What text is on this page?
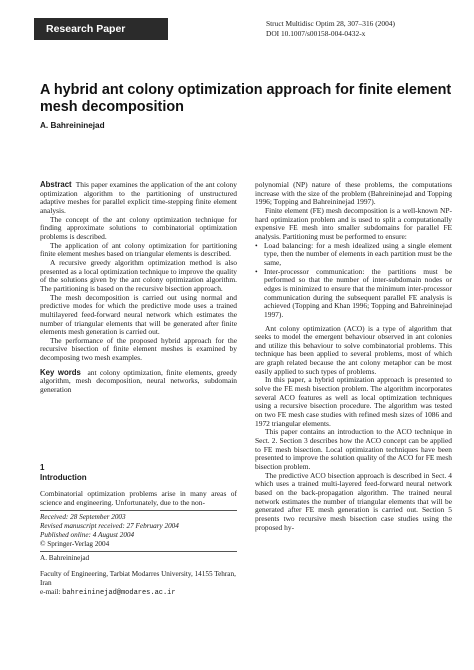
Research Paper	Struct Multidisc Optim 28, 307–316 (2004)
DOI 10.1007/s00158-004-0432-x
A hybrid ant colony optimization approach for finite element mesh decomposition
A. Bahreininejad

Abstract This paper examines the application of the ant colony optimization algorithm to the partitioning of unstructured adaptive meshes for parallel explicit time-stepping finite element analysis.

The concept of the ant colony optimization technique for finding approximate solutions to combinatorial optimization problems is described.

The application of ant colony optimization for partitioning finite element meshes based on triangular elements is described.

A recursive greedy algorithm optimization method is also presented as a local optimization technique to improve the quality of the solutions given by the ant colony optimization algorithm. The partitioning is based on the recursive bisection approach.

The mesh decomposition is carried out using normal and predictive modes for which the predictive mode uses a trained multilayered feed-forward neural network which estimates the number of triangular elements that will be generated after finite elements mesh generation is carried out.

The performance of the proposed hybrid approach for the recursive bisection of finite element meshes is examined by decomposing two mesh examples.

Key words ant colony optimization, finite elements, greedy algorithm, mesh decomposition, neural networks, subdomain generation

1
Introduction

Combinatorial optimization problems arise in many areas of science and engineering. Unfortunately, due to the non-

Received: 28 September 2003
Revised manuscript received: 27 February 2004
Published online: 4 August 2004
© Springer-Verlag 2004
A. Bahreininejad
Faculty of Engineering, Tarbiat Modarres University, 14155 Tehran, Iran
e-mail: bahreininejad@modares.ac.ir

polynomial (NP) nature of these problems, the computations increase with the size of the problem (Bahreininejad and Topping 1996; Topping and Bahreininejad 1997).

Finite element (FE) mesh decomposition is a well-known NP-hard optimization problem and is used to split a computationally expensive FE mesh into smaller subdomains for parallel FE analysis. Partitioning must be performed to ensure:

• Load balancing: for a mesh idealized using a single element type, then the number of elements in each partition must be the same,
• Inter-processor communication: the partitions must be performed so that the number of inter-subdomain nodes or edges is minimized to ensure that the minimum inter-processor communication during the subsequent parallel FE analysis is achieved (Topping and Khan 1996; Topping and Bahreininejad 1997).

Ant colony optimization (ACO) is a type of algorithm that seeks to model the emergent behaviour observed in ant colonies and utilize this behaviour to solve combinatorial problems. This technique has been applied to several problems, most of which are graph related because the ant colony metaphor can be most easily applied to such types of problems.

In this paper, a hybrid optimization approach is presented to solve the FE mesh bisection problem. The algorithm incorporates several ACO features as well as local optimization techniques using a recursive bisection procedure. The algorithm was tested on two FE mesh case studies with refined mesh sizes of 1086 and 1972 triangular elements.

This paper contains an introduction to the ACO technique in Sect. 2. Section 3 describes how the ACO concept can be applied to FE mesh bisection. Local optimization techniques have been presented to improve the solution quality of the ACO for FE mesh bisection problem.

The predictive ACO bisection approach is described in Sect. 4 which uses a trained multi-layered feed-forward neural network based on the back-propagation algorithm. The trained neural network estimates the number of triangular elements that will be generated after FE mesh generation is carried out. Section 5 presents two recursive mesh bisection case studies using the proposed hy-
